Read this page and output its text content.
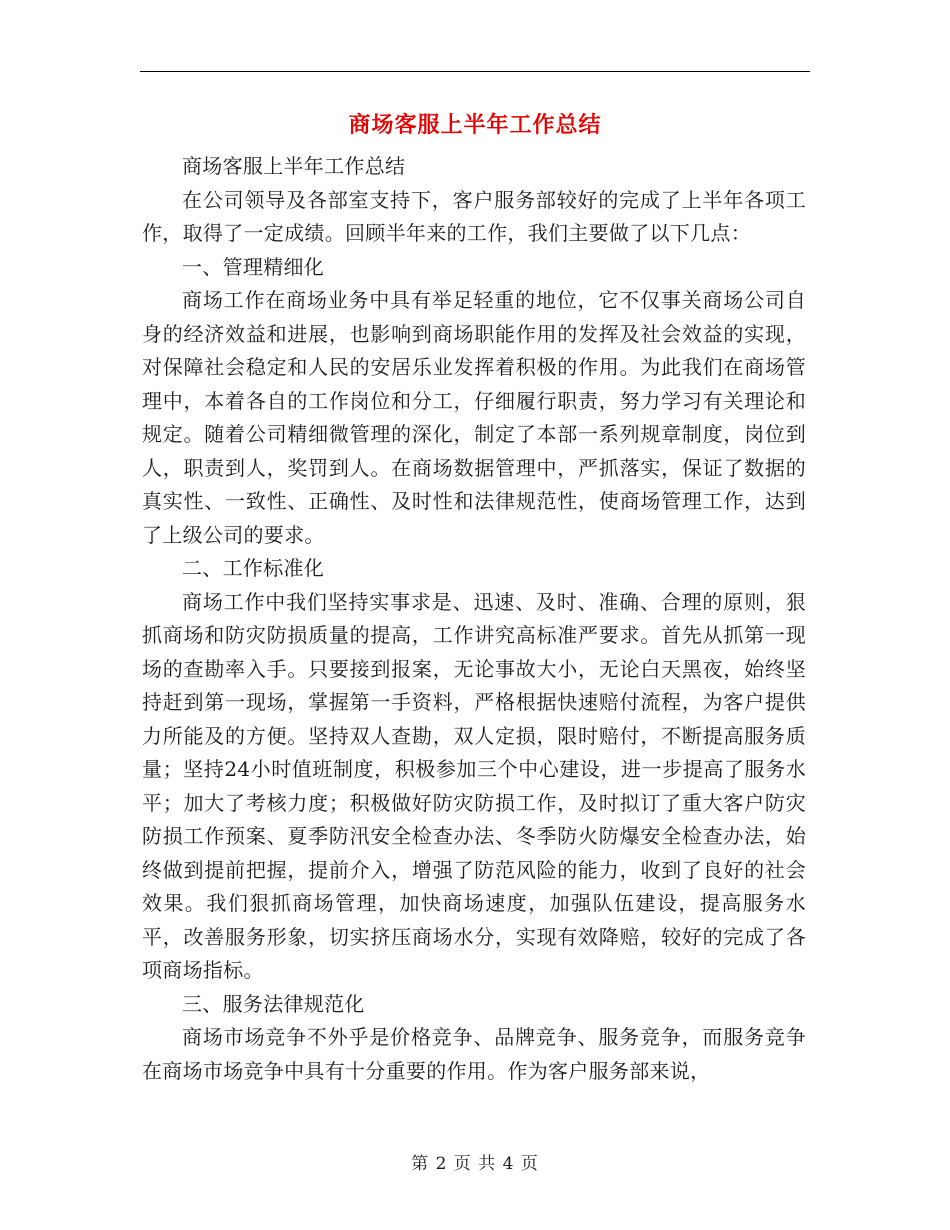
商场客服上半年工作总结

商场客服上半年工作总结

在公司领导及各部室支持下，客户服务部较好的完成了上半年各项工作，取得了一定成绩。回顾半年来的工作，我们主要做了以下几点：

一、管理精细化

商场工作在商场业务中具有举足轻重的地位，它不仅事关商场公司自身的经济效益和进展，也影响到商场职能作用的发挥及社会效益的实现，对保障社会稳定和人民的安居乐业发挥着积极的作用。为此我们在商场管理中，本着各自的工作岗位和分工，仔细履行职责，努力学习有关理论和规定。随着公司精细微管理的深化，制定了本部一系列规章制度，岗位到人，职责到人，奖罚到人。在商场数据管理中，严抓落实，保证了数据的真实性、一致性、正确性、及时性和法律规范性，使商场管理工作，达到了上级公司的要求。

二、工作标准化

商场工作中我们坚持实事求是、迅速、及时、准确、合理的原则，狠抓商场和防灾防损质量的提高，工作讲究高标准严要求。首先从抓第一现场的查勘率入手。只要接到报案，无论事故大小，无论白天黑夜，始终坚持赶到第一现场，掌握第一手资料，严格根据快速赔付流程，为客户提供力所能及的方便。坚持双人查勘，双人定损，限时赔付，不断提高服务质量；坚持24小时值班制度，积极参加三个中心建设，进一步提高了服务水平；加大了考核力度；积极做好防灾防损工作，及时拟订了重大客户防灾防损工作预案、夏季防汛安全检查办法、冬季防火防爆安全检查办法，始终做到提前把握，提前介入，增强了防范风险的能力，收到了良好的社会效果。我们狠抓商场管理，加快商场速度，加强队伍建设，提高服务水平，改善服务形象，切实挤压商场水分，实现有效降赔，较好的完成了各项商场指标。

三、服务法律规范化

商场市场竞争不外乎是价格竞争、品牌竞争、服务竞争，而服务竞争在商场市场竞争中具有十分重要的作用。作为客户服务部来说，

第 2 页 共 4 页
